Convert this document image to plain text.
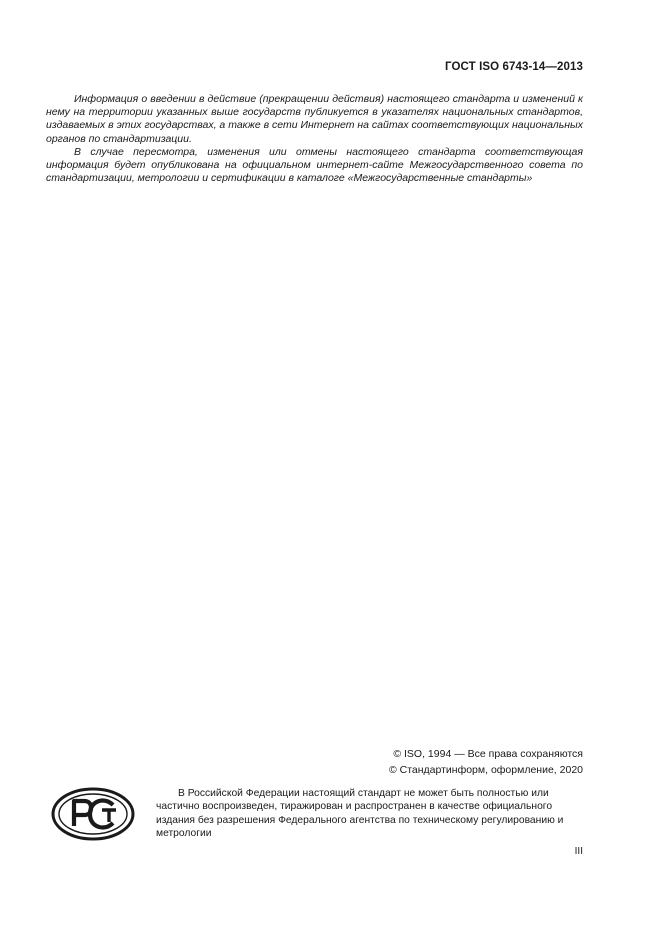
ГОСТ ISO 6743-14—2013

Информация о введении в действие (прекращении действия) настоящего стандарта и изменений к нему на территории указанных выше государств публикуется в указателях национальных стандартов, издаваемых в этих государствах, а также в сети Интернет на сайтах соответствующих национальных органов по стандартизации.

В случае пересмотра, изменения или отмены настоящего стандарта соответствующая информация будет опубликована на официальном интернет-сайте Межгосударственного совета по стандартизации, метрологии и сертификации в каталоге «Межгосударственные стандарты»

© ISO, 1994 — Все права сохраняются
© Стандартинформ, оформление, 2020

В Российской Федерации настоящий стандарт не может быть полностью или частично воспроизведен, тиражирован и распространен в качестве официального издания без разрешения Федерального агентства по техническому регулированию и метрологии

III
